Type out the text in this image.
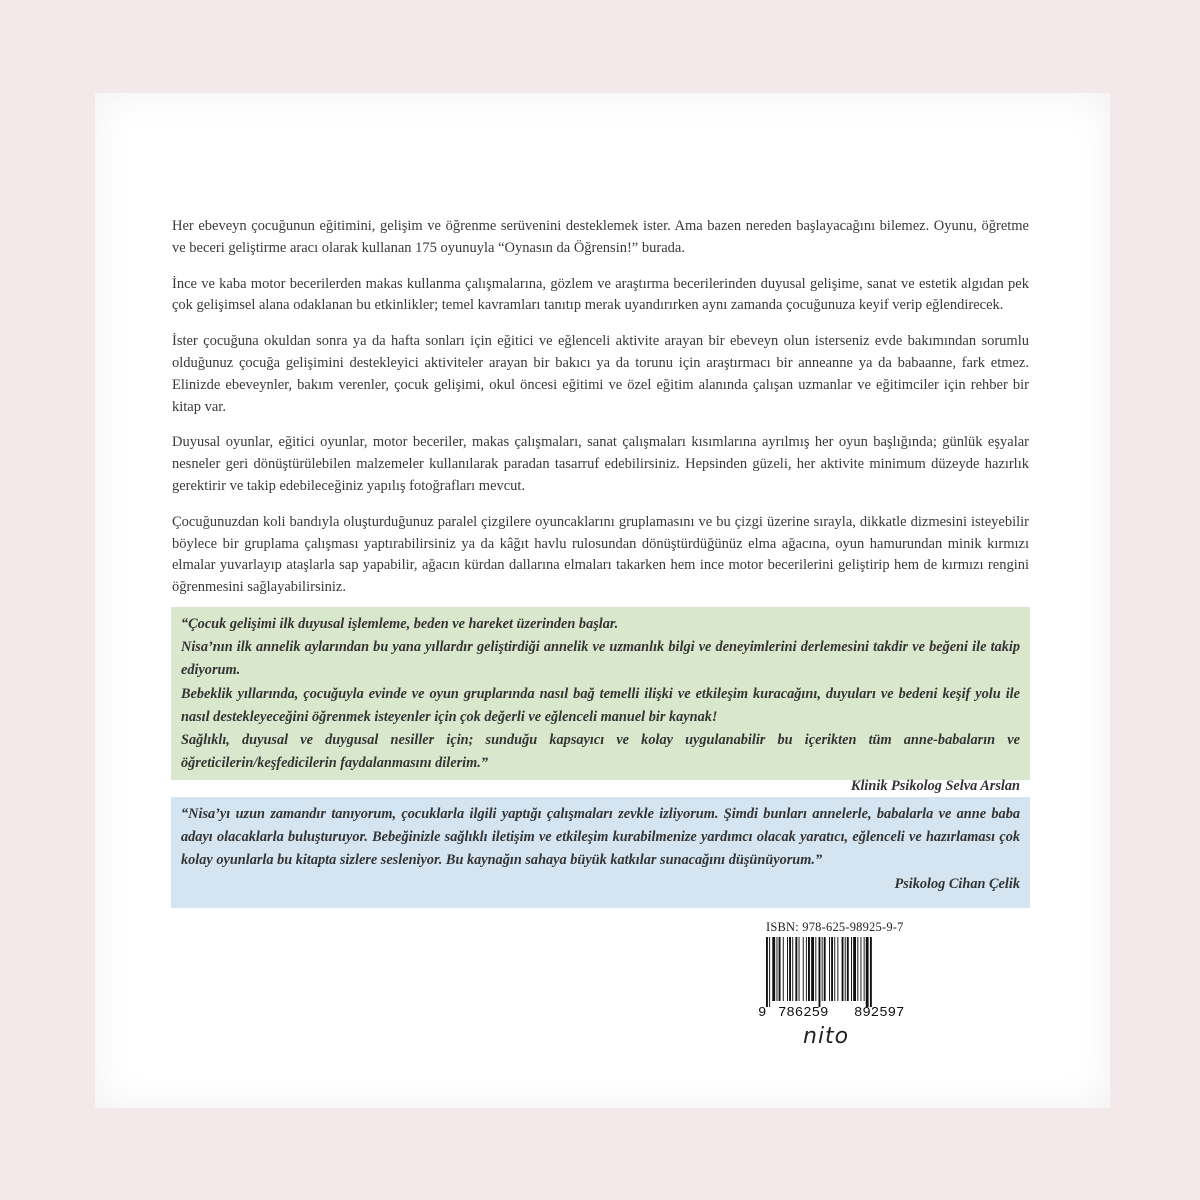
Her ebeveyn çocuğunun eğitimini, gelişim ve öğrenme serüvenini desteklemek ister. Ama bazen nereden başlayacağını bilemez. Oyunu, öğretme ve beceri geliştirme aracı olarak kullanan 175 oyunuyla “Oynasın da Öğrensin!” burada.

İnce ve kaba motor becerilerden makas kullanma çalışmalarına, gözlem ve araştırma becerilerinden duyusal gelişime, sanat ve estetik algıdan pek çok gelişimsel alana odaklanan bu etkinlikler; temel kavramları tanıtıp merak uyandırırken aynı zamanda çocuğunuza keyif verip eğlendirecek.

İster çocuğuna okuldan sonra ya da hafta sonları için eğitici ve eğlenceli aktivite arayan bir ebeveyn olun isterseniz evde bakımından sorumlu olduğunuz çocuğa gelişimini destekleyici aktiviteler arayan bir bakıcı ya da torunu için araştırmacı bir anneanne ya da babaanne, fark etmez. Elinizde ebeveynler, bakım verenler, çocuk gelişimi, okul öncesi eğitimi ve özel eğitim alanında çalışan uzmanlar ve eğitimciler için rehber bir kitap var.

Duyusal oyunlar, eğitici oyunlar, motor beceriler, makas çalışmaları, sanat çalışmaları kısımlarına ayrılmış her oyun başlığında; günlük eşyalar nesneler geri dönüştürülebilen malzemeler kullanılarak paradan tasarruf edebilirsiniz. Hepsinden güzeli, her aktivite minimum düzeyde hazırlık gerektirir ve takip edebileceğiniz yapılış fotoğrafları mevcut.

Çocuğunuzdan koli bandıyla oluşturduğunuz paralel çizgilere oyuncaklarını gruplamasını ve bu çizgi üzerine sırayla, dikkatle dizmesini isteyebilir böylece bir gruplama çalışması yaptırabilirsiniz ya da kâğıt havlu rulosundan dönüştürdüğünüz elma ağacına, oyun hamurundan minik kırmızı elmalar yuvarlayıp ataşlarla sap yapabilir, ağacın kürdan dallarına elmaları takarken hem ince motor becerilerini geliştirip hem de kırmızı rengini öğrenmesini sağlayabilirsiniz.

“Çocuk gelişimi ilk duyusal işlemleme, beden ve hareket üzerinden başlar.

Nisa’nın ilk annelik aylarından bu yana yıllardır geliştirdiği annelik ve uzmanlık bilgi ve deneyimlerini derlemesini takdir ve beğeni ile takip ediyorum.

Bebeklik yıllarında, çocuğuyla evinde ve oyun gruplarında nasıl bağ temelli ilişki ve etkileşim kuracağını, duyuları ve bedeni keşif yolu ile nasıl destekleyeceğini öğrenmek isteyenler için çok değerli ve eğlenceli manuel bir kaynak!

Sağlıklı, duyusal ve duygusal nesiller için; sunduğu kapsayıcı ve kolay uygulanabilir bu içerikten tüm anne-babaların ve öğreticilerin/keşfedicilerin faydalanmasını dilerim.”

Klinik Psikolog Selva Arslan

“Nisa’yı uzun zamandır tanıyorum, çocuklarla ilgili yaptığı çalışmaları zevkle izliyorum. Şimdi bunları annelerle, babalarla ve anne baba adayı olacaklarla buluşturuyor. Bebeğinizle sağlıklı iletişim ve etkileşim kurabilmenize yardımcı olacak yaratıcı, eğlenceli ve hazırlaması çok kolay oyunlarla bu kitapta sizlere sesleniyor. Bu kaynağın sahaya büyük katkılar sunacağını düşünüyorum.”

Psikolog Cihan Çelik

ISBN: 978-625-98925-9-7
9 786259 892597
nito
